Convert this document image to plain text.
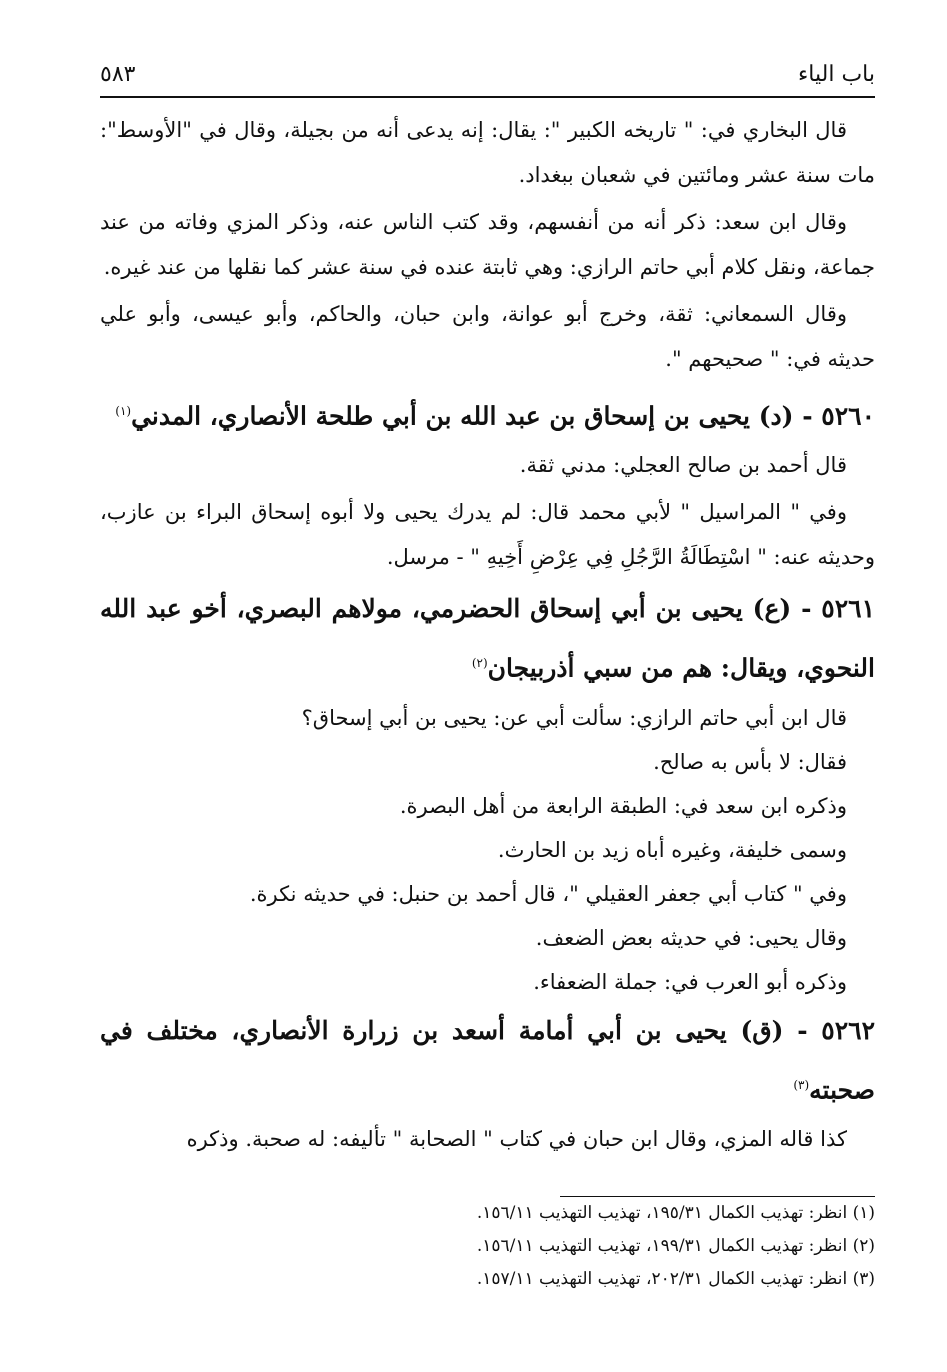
باب الياء
٥٨٣

قال البخاري في: " تاريخه الكبير ": يقال: إنه يدعى أنه من بجيلة، وقال في "الأوسط": مات سنة عشر ومائتين في شعبان ببغداد.

وقال ابن سعد: ذكر أنه من أنفسهم، وقد كتب الناس عنه، وذكر المزي وفاته من عند جماعة، ونقل كلام أبي حاتم الرازي: وهي ثابتة عنده في سنة عشر كما نقلها من عند غيره.

وقال السمعاني: ثقة، وخرج أبو عوانة، وابن حبان، والحاكم، وأبو عيسى، وأبو علي حديثه في: " صحيحهم ".

٥٢٦٠ - (د) يحيى بن إسحاق بن عبد الله بن أبي طلحة الأنصاري، المدني$^{(١)}$

قال أحمد بن صالح العجلي: مدني ثقة.

وفي " المراسيل " لأبي محمد قال: لم يدرك يحيى ولا أبوه إسحاق البراء بن عازب، وحديثه عنه: " اسْتِطَالَةُ الرَّجُلِ فِي عِرْضِ أَخِيهِ " - مرسل.

٥٢٦١ - (ع) يحيى بن أبي إسحاق الحضرمي، مولاهم البصري، أخو عبد الله النحوي، ويقال: هم من سبي أذربيجان$^{(٢)}$

قال ابن أبي حاتم الرازي: سألت أبي عن: يحيى بن أبي إسحاق؟

فقال: لا بأس به صالح.

وذكره ابن سعد في: الطبقة الرابعة من أهل البصرة.

وسمى خليفة، وغيره أباه زيد بن الحارث.

وفي " كتاب أبي جعفر العقيلي "، قال أحمد بن حنبل: في حديثه نكرة.

وقال يحيى: في حديثه بعض الضعف.

وذكره أبو العرب في: جملة الضعفاء.

٥٢٦٢ - (ق) يحيى بن أبي أمامة أسعد بن زرارة الأنصاري، مختلف في صحبته$^{(٣)}$

كذا قاله المزي، وقال ابن حبان في كتاب " الصحابة " تأليفه: له صحبة. وذكره

(١) انظر: تهذيب الكمال ١٩٥/٣١، تهذيب التهذيب ١٥٦/١١.

(٢) انظر: تهذيب الكمال ١٩٩/٣١، تهذيب التهذيب ١٥٦/١١.

(٣) انظر: تهذيب الكمال ٢٠٢/٣١، تهذيب التهذيب ١٥٧/١١.
